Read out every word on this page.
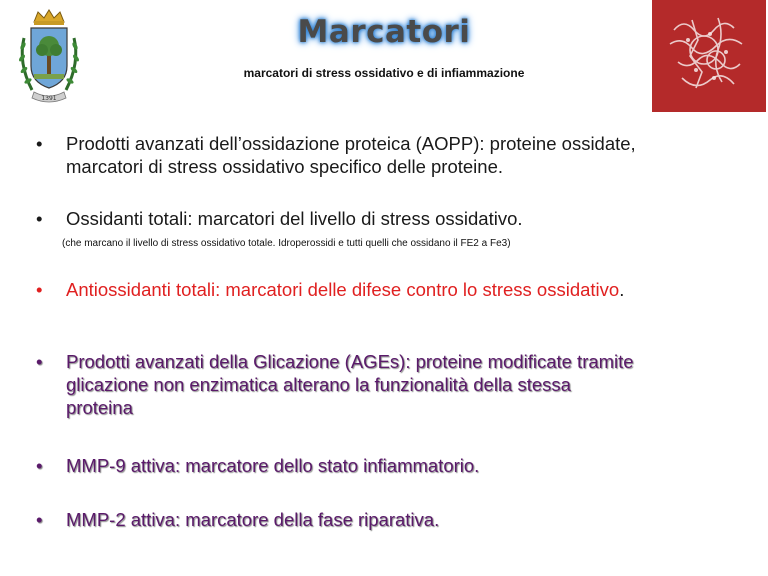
1391
Marcatori
marcatori di stress ossidativo e di infiammazione
• Prodotti avanzati dell’ossidazione proteica (AOPP): proteine ossidate, marcatori di stress ossidativo specifico delle proteine.
• Ossidanti totali: marcatori del livello di stress ossidativo.
• Antiossidanti totali: marcatori delle difese contro lo stress ossidativo.
• Prodotti avanzati della Glicazione (AGEs): proteine modificate tramite glicazione non enzimatica alterano la funzionalità della stessa proteina
• MMP-9 attiva: marcatore dello stato infiammatorio.
• MMP-2 attiva: marcatore della fase riparativa.
(che marcano il livello di stress ossidativo totale. Idroperossidi e tutti quelli che ossidano il FE2 a Fe3)
